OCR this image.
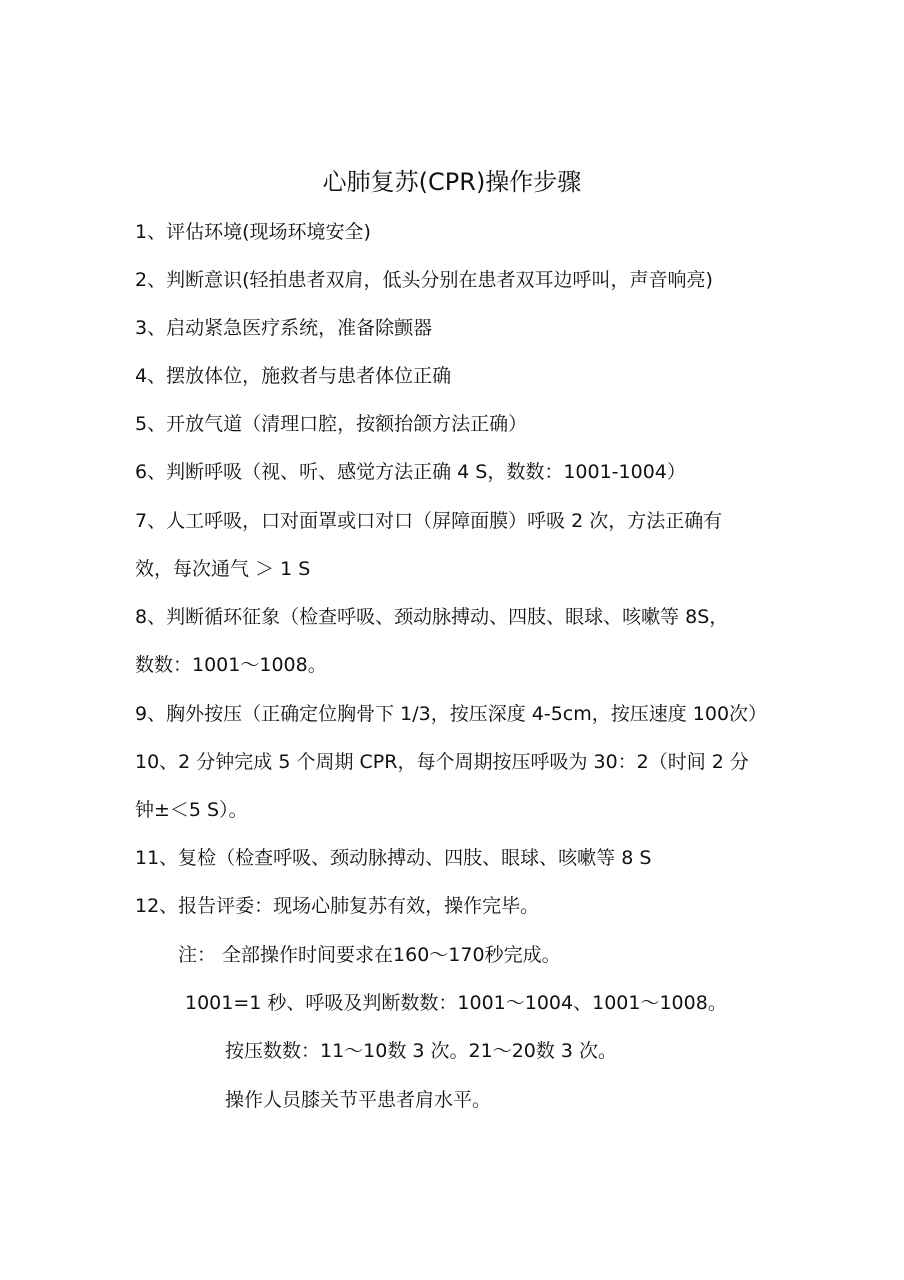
心肺复苏(CPR)操作步骤

1、评估环境(现场环境安全)

2、判断意识(轻拍患者双肩，低头分别在患者双耳边呼叫，声音响亮)

3、启动紧急医疗系统，准备除颤器

4、摆放体位，施救者与患者体位正确

5、开放气道（清理口腔，按额抬颌方法正确）

6、判断呼吸（视、听、感觉方法正确 4 S，数数：1001-1004）

7、人工呼吸，口对面罩或口对口（屏障面膜）呼吸 2 次，方法正确有

效，每次通气 ＞ 1 S

8、判断循环征象（检查呼吸、颈动脉搏动、四肢、眼球、咳嗽等 8S，

数数：1001～1008。

9、胸外按压（正确定位胸骨下 1/3，按压深度 4-5cm，按压速度 100次）

10、2 分钟完成 5 个周期 CPR，每个周期按压呼吸为 30：2（时间 2 分

钟±＜5 S）。

11、复检（检查呼吸、颈动脉搏动、四肢、眼球、咳嗽等 8 S

12、报告评委：现场心肺复苏有效，操作完毕。

注： 全部操作时间要求在160～170秒完成。

1001=1 秒、呼吸及判断数数：1001～1004、1001～1008。

按压数数：11～10数 3 次。21～20数 3 次。

操作人员膝关节平患者肩水平。
